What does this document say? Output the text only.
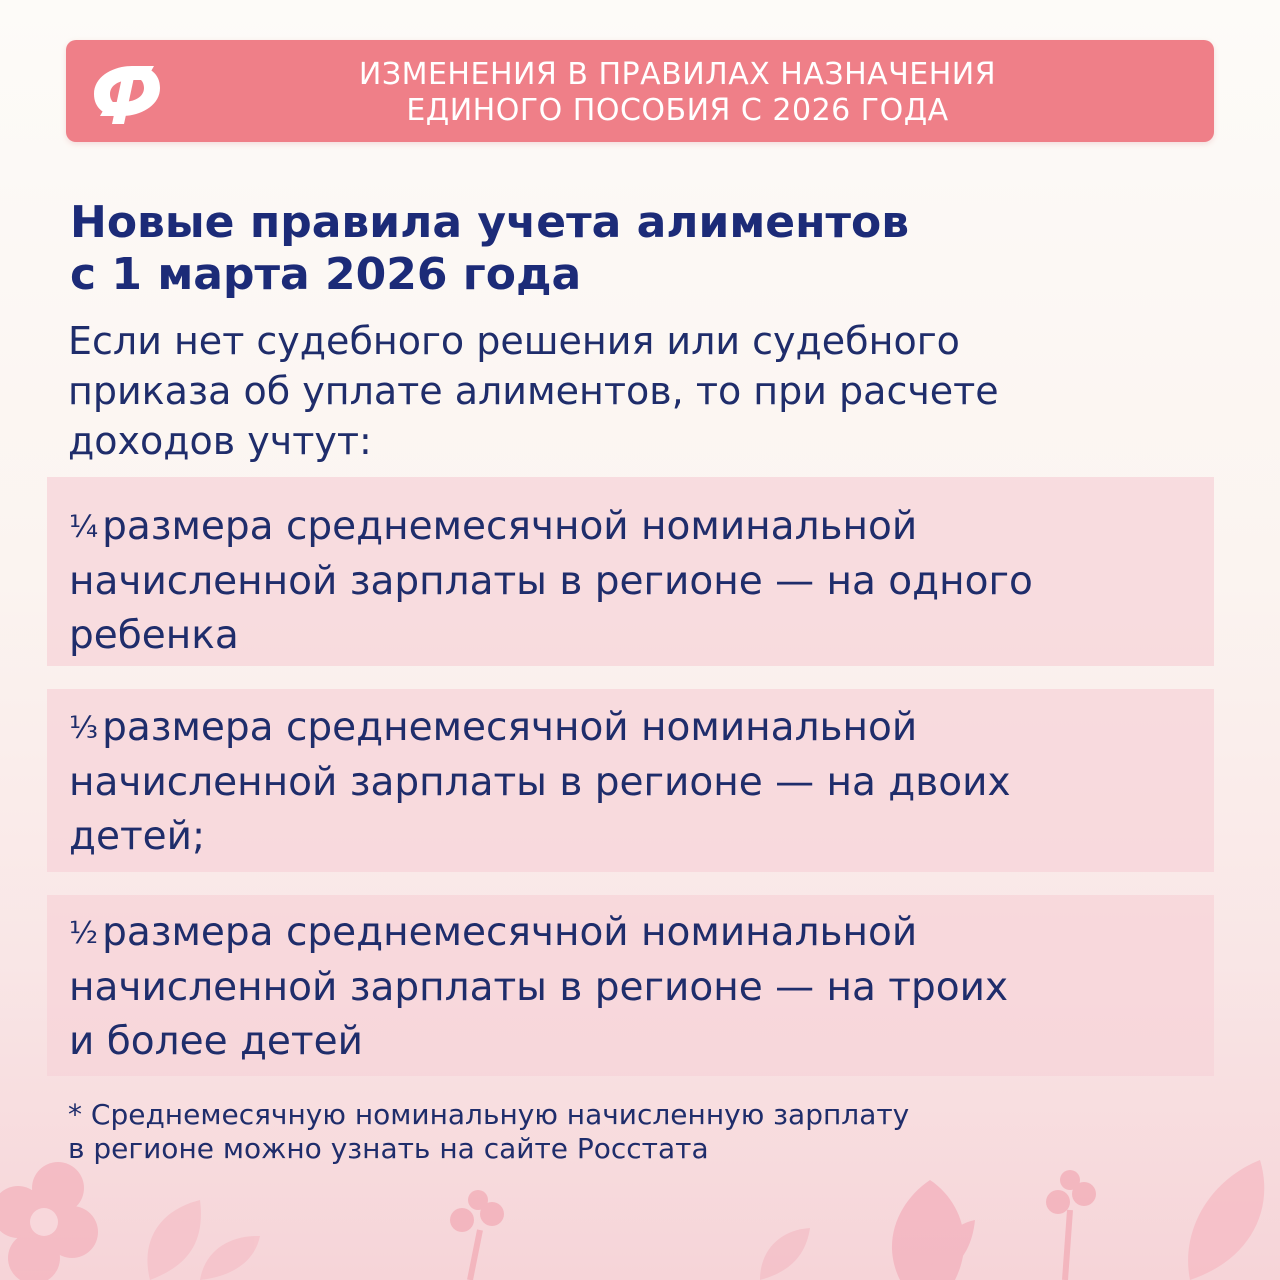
ИЗМЕНЕНИЯ В ПРАВИЛАХ НАЗНАЧЕНИЯ
ЕДИНОГО ПОСОБИЯ С 2026 ГОДА
Новые правила учета алиментов
с 1 марта 2026 года
Если нет судебного решения или судебного
приказа об уплате алиментов, то при расчете
доходов учтут:
¼ размера среднемесячной номинальной
начисленной зарплаты в регионе — на одного
ребенка
⅓ размера среднемесячной номинальной
начисленной зарплаты в регионе — на двоих
детей;
½ размера среднемесячной номинальной
начисленной зарплаты в регионе — на троих
и более детей
* Среднемесячную номинальную начисленную зарплату
в регионе можно узнать на сайте Росстата
